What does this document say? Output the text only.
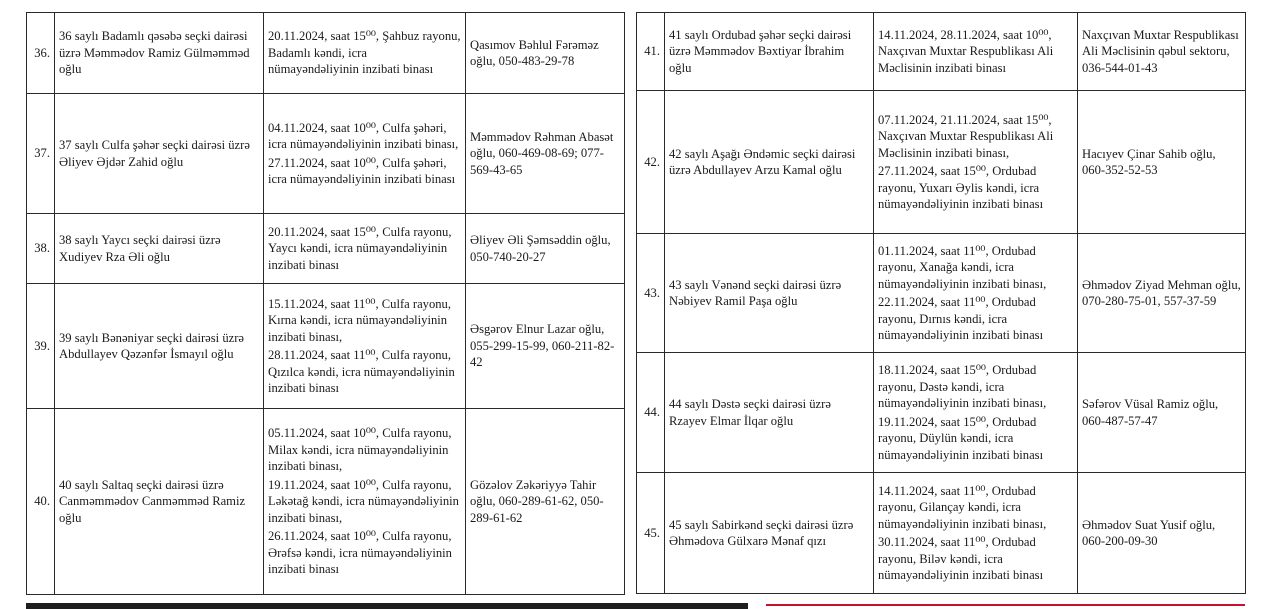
36.	36 saylı Badamlı qəsəbə seçki dairəsi üzrə Məmmədov Ramiz Gülməmməd oğlu	20.11.2024, saat 15⁰⁰, Şahbuz rayonu, Badamlı kəndi, icra nümayəndəliyinin inzibati binası	Qasımov Bəhlul Fərəməz oğlu, 050-483-29-78
37.	37 saylı Culfa şəhər seçki dairəsi üzrə Əliyev Əjdər Zahid oğlu	04.11.2024, saat 10⁰⁰, Culfa şəhəri, icra nümayəndəliyinin inzibati binası,
27.11.2024, saat 10⁰⁰, Culfa şəhəri, icra nümayəndəliyinin inzibati binası	Məmmədov Rəhman Abasət oğlu, 060-469-08-69; 077-569-43-65
38.	38 saylı Yaycı seçki dairəsi üzrə Xudiyev Rza Əli oğlu	20.11.2024, saat 15⁰⁰, Culfa rayonu, Yaycı kəndi, icra nümayəndəliyinin inzibati binası	Əliyev Əli Şəmsəddin oğlu, 050-740-20-27
39.	39 saylı Bənəniyar seçki dairəsi üzrə Abdullayev Qəzənfər İsmayıl oğlu	15.11.2024, saat 11⁰⁰, Culfa rayonu, Kırna kəndi, icra nümayəndəliyinin inzibati binası,
28.11.2024, saat 11⁰⁰, Culfa rayonu, Qızılca kəndi, icra nümayəndəliyinin inzibati binası	Əsgərov Elnur Lazar oğlu, 055-299-15-99, 060-211-82-42
40.	40 saylı Saltaq seçki dairəsi üzrə Canməmmədov Canməmməd Ramiz oğlu	05.11.2024, saat 10⁰⁰, Culfa rayonu, Milax kəndi, icra nümayəndəliyinin inzibati binası,
19.11.2024, saat 10⁰⁰, Culfa rayonu, Ləkətağ kəndi, icra nümayəndəliyinin inzibati binası,
26.11.2024, saat 10⁰⁰, Culfa rayonu, Ərəfsə kəndi, icra nümayəndəliyinin inzibati binası	Gözəlov Zəkəriyyə Tahir oğlu, 060-289-61-62, 050-289-61-62
41.	41 saylı Ordubad şəhər seçki dairəsi üzrə Məmmədov Bəxtiyar İbrahim oğlu	14.11.2024, 28.11.2024, saat 10⁰⁰, Naxçıvan Muxtar Respublikası Ali Məclisinin inzibati binası	Naxçıvan Muxtar Respublikası Ali Məclisinin qəbul sektoru, 036-544-01-43
42.	42 saylı Aşağı Əndəmic seçki dairəsi üzrə Abdullayev Arzu Kamal oğlu	07.11.2024, 21.11.2024, saat 15⁰⁰, Naxçıvan Muxtar Respublikası Ali Məclisinin inzibati binası,
27.11.2024, saat 15⁰⁰, Ordubad rayonu, Yuxarı Əylis kəndi, icra nümayəndəliyinin inzibati binası	Hacıyev Çinar Sahib oğlu, 060-352-52-53
43.	43 saylı Vənənd seçki dairəsi üzrə Nəbiyev Ramil Paşa oğlu	01.11.2024, saat 11⁰⁰, Ordubad rayonu, Xanağa kəndi, icra nümayəndəliyinin inzibati binası,
22.11.2024, saat 11⁰⁰, Ordubad rayonu, Dırnıs kəndi, icra nümayəndəliyinin inzibati binası	Əhmədov Ziyad Mehman oğlu, 070-280-75-01, 557-37-59
44.	44 saylı Dəstə seçki dairəsi üzrə Rzayev Elmar İlqar oğlu	18.11.2024, saat 15⁰⁰, Ordubad rayonu, Dəstə kəndi, icra nümayəndəliyinin inzibati binası,
19.11.2024, saat 15⁰⁰, Ordubad rayonu, Düylün kəndi, icra nümayəndəliyinin inzibati binası	Səfərov Vüsal Ramiz oğlu, 060-487-57-47
45.	45 saylı Sabirkənd seçki dairəsi üzrə Əhmədova Gülxarə Mənaf qızı	14.11.2024, saat 11⁰⁰, Ordubad rayonu, Gilançay kəndi, icra nümayəndəliyinin inzibati binası,
30.11.2024, saat 11⁰⁰, Ordubad rayonu, Biləv kəndi, icra nümayəndəliyinin inzibati binası	Əhmədov Suat Yusif oğlu, 060-200-09-30
